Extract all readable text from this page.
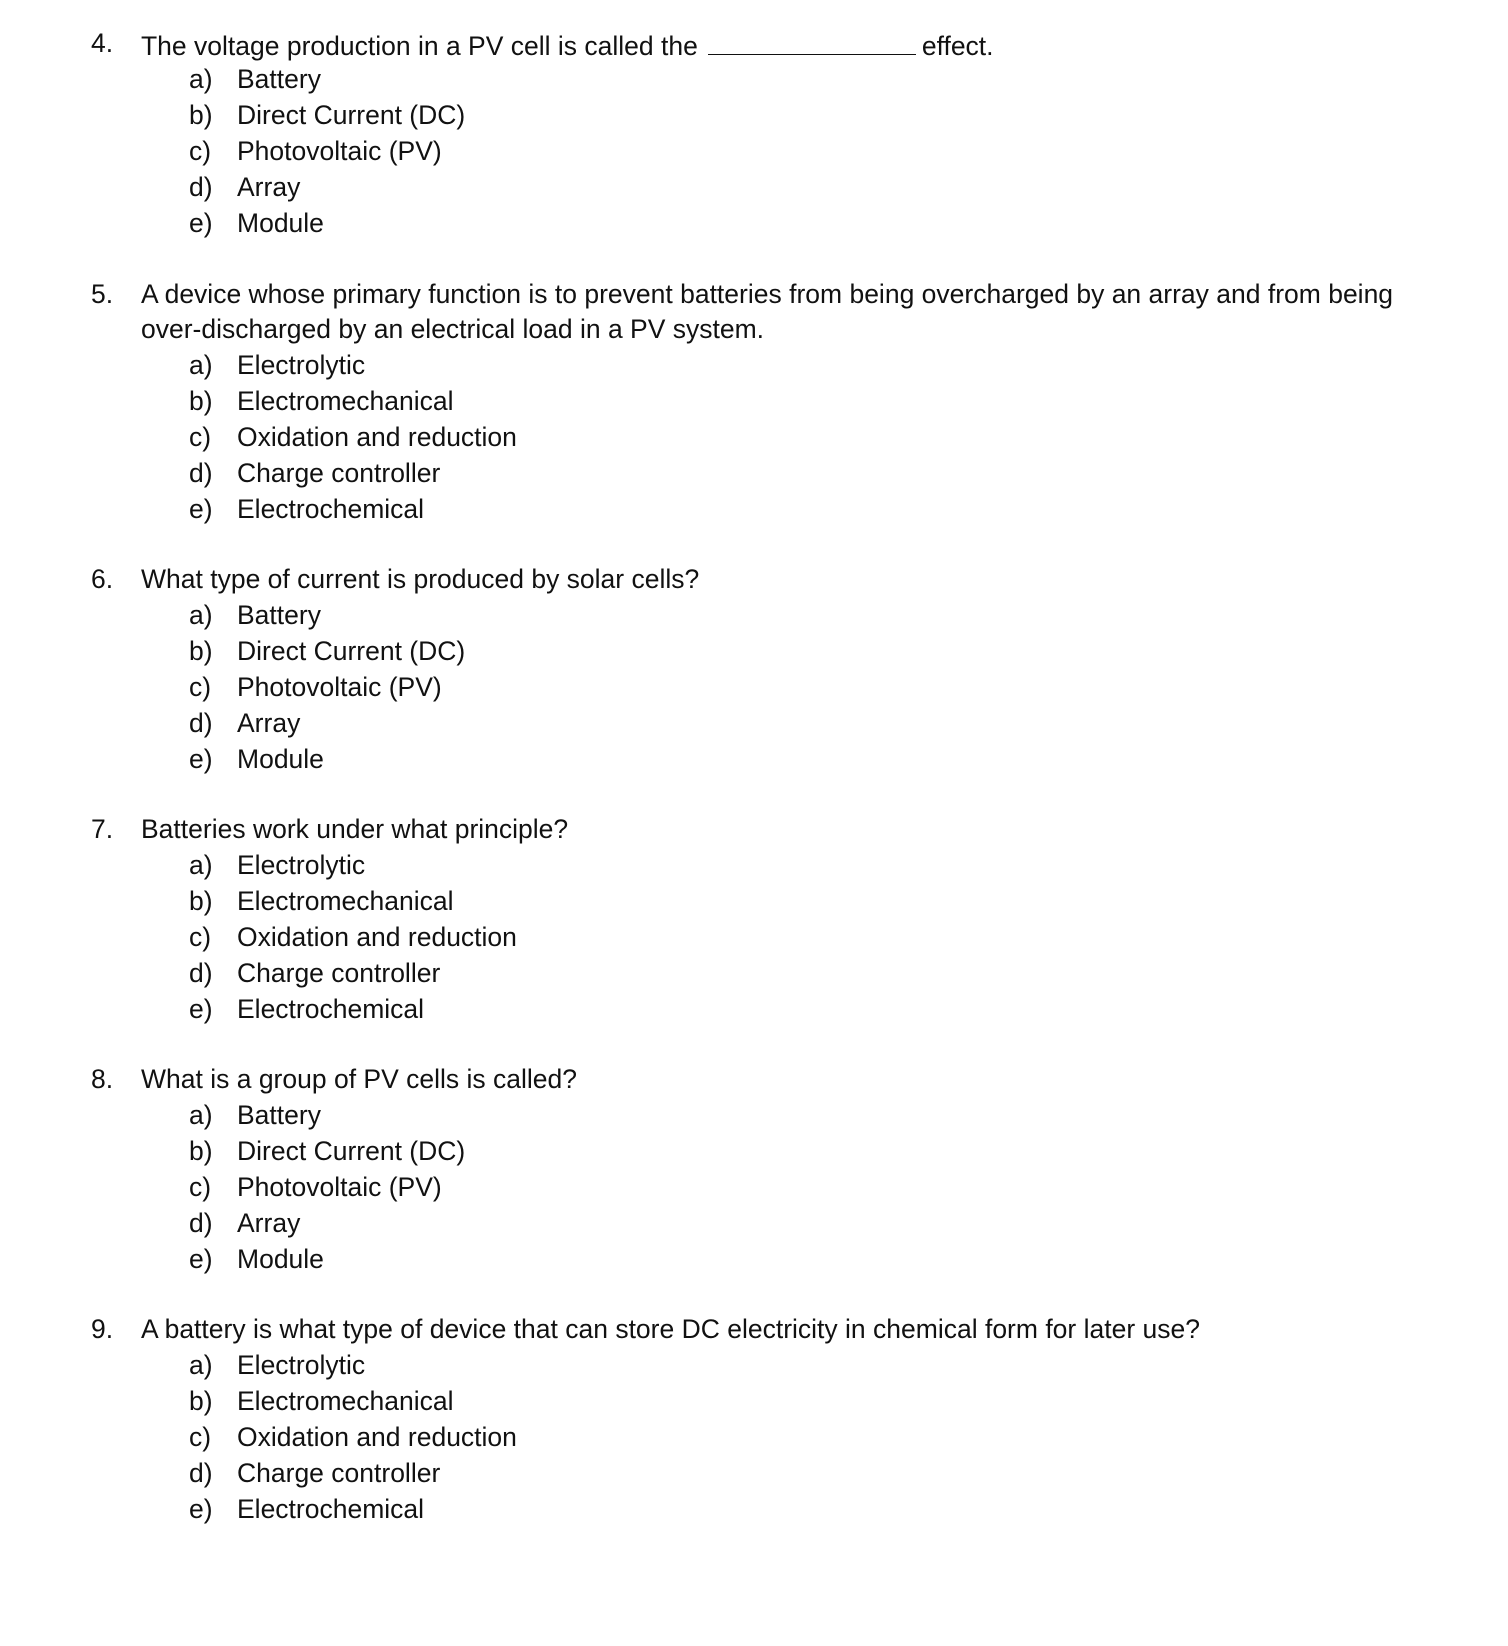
4. The voltage production in a PV cell is called the	effect.
a) Battery
b) Direct Current (DC)
c) Photovoltaic (PV)
d) Array
e) Module
5. A device whose primary function is to prevent batteries from being overcharged by an array and from being
over-discharged by an electrical load in a PV system.
a) Electrolytic
b) Electromechanical
c) Oxidation and reduction
d) Charge controller
e) Electrochemical
6. What type of current is produced by solar cells?
a) Battery
b) Direct Current (DC)
c) Photovoltaic (PV)
d) Array
e) Module
7. Batteries work under what principle?
a) Electrolytic
b) Electromechanical
c) Oxidation and reduction
d) Charge controller
e) Electrochemical
8. What is a group of PV cells is called?
a) Battery
b) Direct Current (DC)
c) Photovoltaic (PV)
d) Array
e) Module
9. A battery is what type of device that can store DC electricity in chemical form for later use?
a) Electrolytic
b) Electromechanical
c) Oxidation and reduction
d) Charge controller
e) Electrochemical
